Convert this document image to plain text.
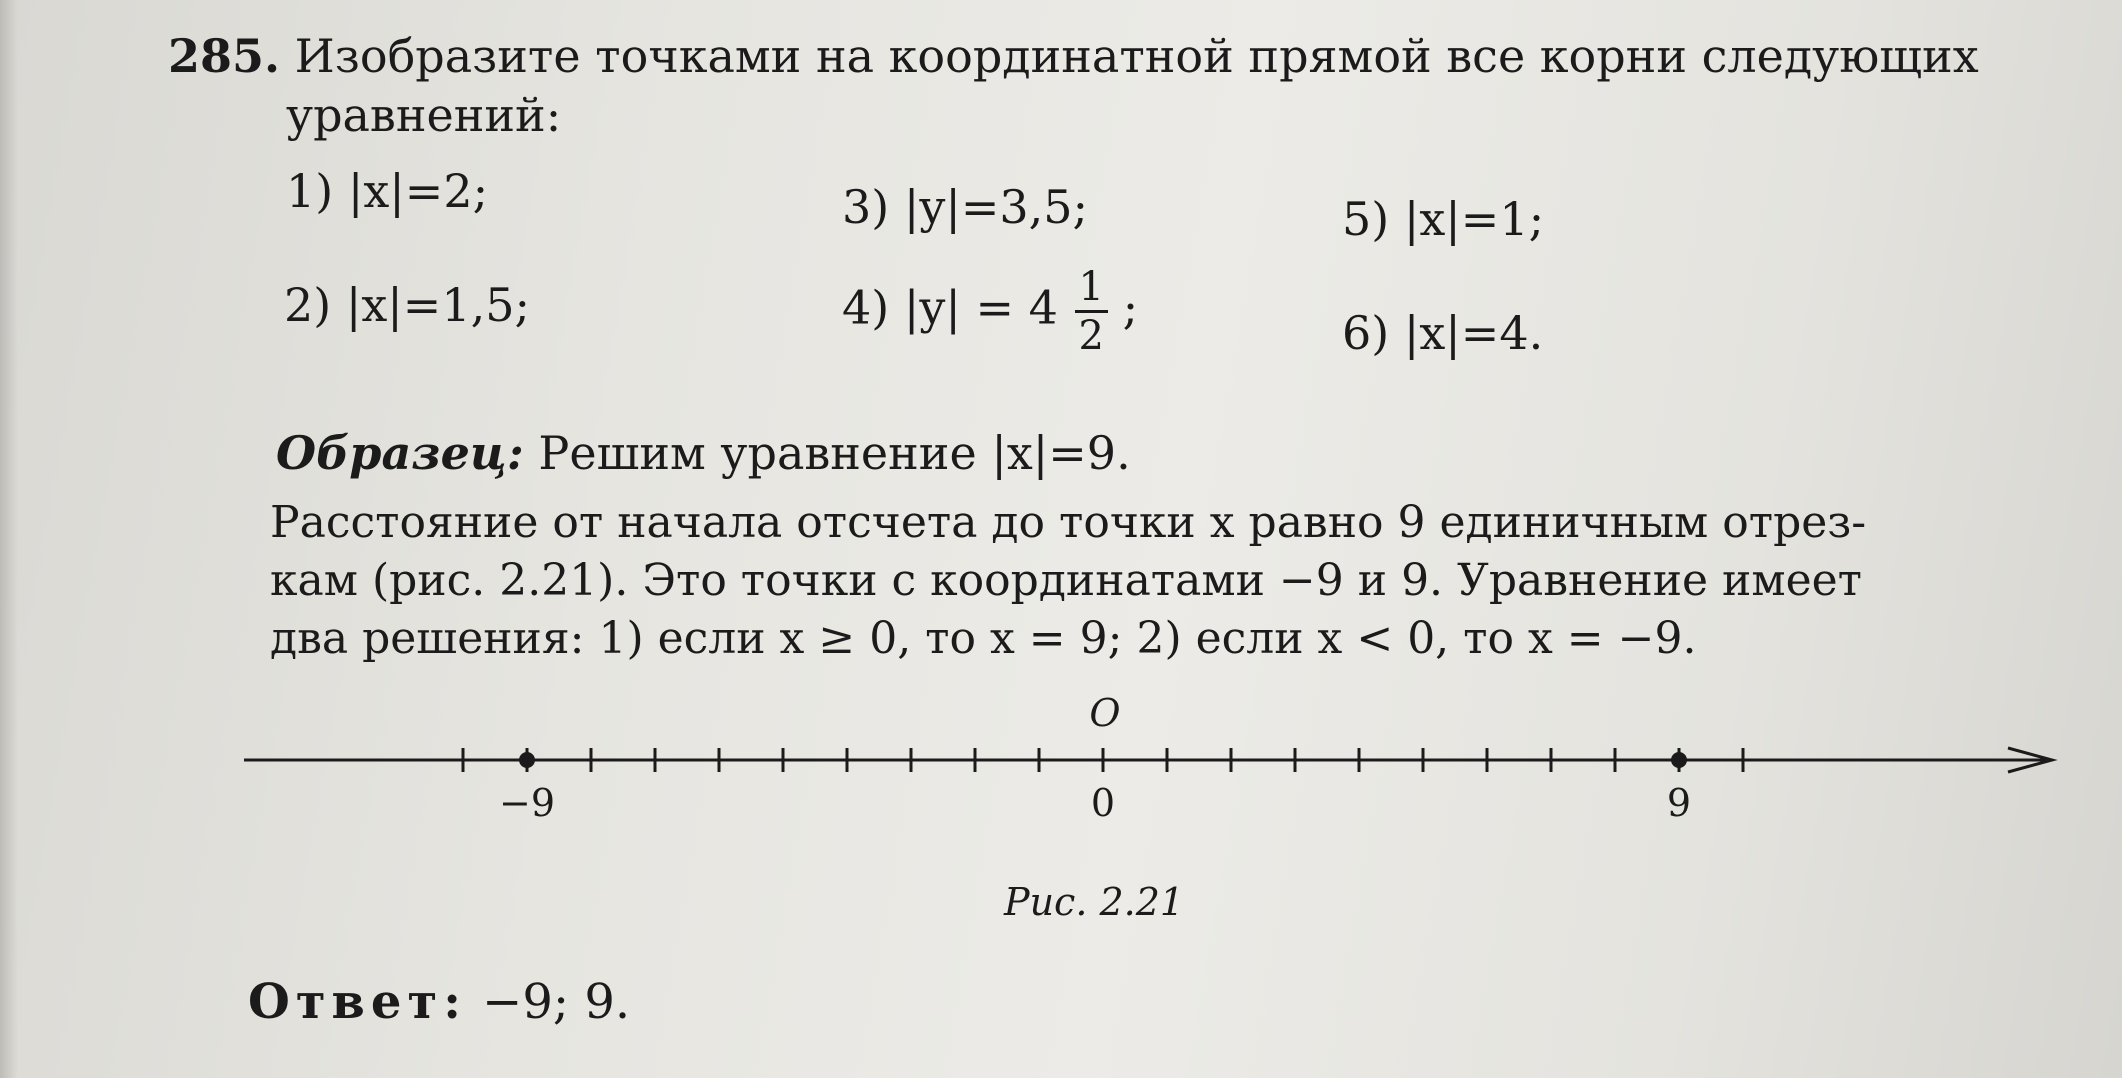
285. Изобразите точками на координатной прямой все корни следующих
уравнений:
1) |x|=2;
2) |x|=1,5;
3) |y|=3,5;
4) $|y| = 4 \frac{1}{2}$ ;
5) |x|=1;
6) |x|=4.
Образец: Решим уравнение |x|=9.
Расстояние от начала отсчета до точки x равно 9 единичным отрез-
кам (рис. 2.21). Это точки с координатами −9 и 9. Уравнение имеет
два решения: 1) если x ≥ 0, то x = 9; 2) если x < 0, то x = −9.
−9	0	9
O
Рис. 2.21
Ответ: −9; 9.
